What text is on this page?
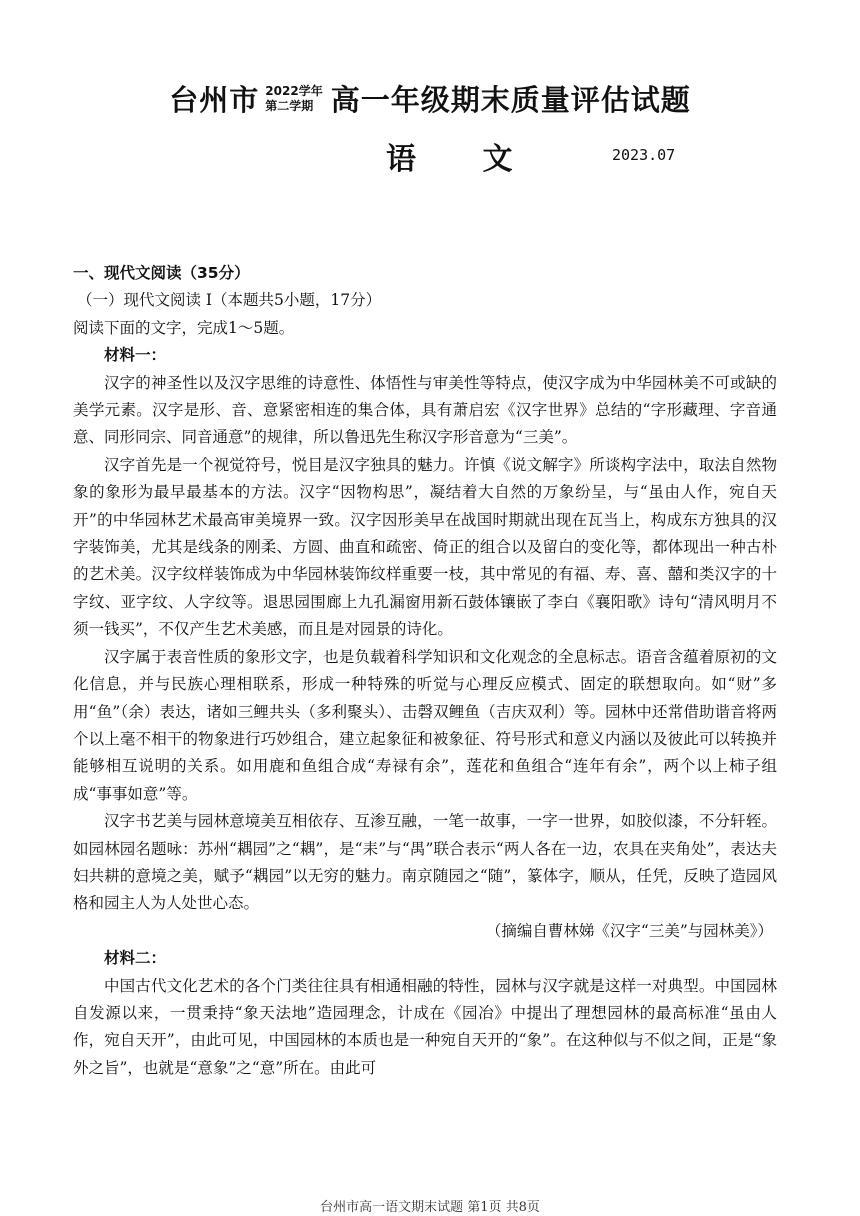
台州市 2022学年
第二学期 高一年级期末质量评估试题
语 文	2023.07
一、现代文阅读（35分）
（一）现代文阅读 I（本题共5小题，17分）
阅读下面的文字，完成1～5题。
材料一：

汉字的神圣性以及汉字思维的诗意性、体悟性与审美性等特点，使汉字成为中华园林美不可或缺的美学元素。汉字是形、音、意紧密相连的集合体，具有萧启宏《汉字世界》总结的“字形藏理、字音通意、同形同宗、同音通意”的规律，所以鲁迅先生称汉字形音意为“三美”。

汉字首先是一个视觉符号，悦目是汉字独具的魅力。许慎《说文解字》所谈构字法中，取法自然物象的象形为最早最基本的方法。汉字“因物构思”，凝结着大自然的万象纷呈，与“虽由人作，宛自天开”的中华园林艺术最高审美境界一致。汉字因形美早在战国时期就出现在瓦当上，构成东方独具的汉字装饰美，尤其是线条的刚柔、方圆、曲直和疏密、倚正的组合以及留白的变化等，都体现出一种古朴的艺术美。汉字纹样装饰成为中华园林装饰纹样重要一枝，其中常见的有福、寿、喜、囍和类汉字的十字纹、亚字纹、人字纹等。退思园围廊上九孔漏窗用新石鼓体镶嵌了李白《襄阳歌》诗句“清风明月不须一钱买”，不仅产生艺术美感，而且是对园景的诗化。

汉字属于表音性质的象形文字，也是负载着科学知识和文化观念的全息标志。语音含蕴着原初的文化信息，并与民族心理相联系，形成一种特殊的听觉与心理反应模式、固定的联想取向。如“财”多用“鱼”（余）表达，诸如三鲤共头（多利聚头）、击磬双鲤鱼（吉庆双利）等。园林中还常借助谐音将两个以上毫不相干的物象进行巧妙组合，建立起象征和被象征、符号形式和意义内涵以及彼此可以转换并能够相互说明的关系。如用鹿和鱼组合成“寿禄有余”，莲花和鱼组合“连年有余”，两个以上柿子组成“事事如意”等。

汉字书艺美与园林意境美互相依存、互渗互融，一笔一故事，一字一世界，如胶似漆，不分轩轾。如园林园名题咏：苏州“耦园”之“耦”，是“耒”与“禺”联合表示“两人各在一边，农具在夹角处”，表达夫妇共耕的意境之美，赋予“耦园”以无穷的魅力。南京随园之“随”，篆体字，顺从，任凭，反映了造园风格和园主人为人处世心态。

（摘编自曹林娣《汉字“三美”与园林美》）
材料二：

中国古代文化艺术的各个门类往往具有相通相融的特性，园林与汉字就是这样一对典型。中国园林自发源以来，一贯秉持“象天法地”造园理念，计成在《园冶》中提出了理想园林的最高标准“虽由人作，宛自天开”，由此可见，中国园林的本质也是一种宛自天开的“象”。在这种似与不似之间，正是“象外之旨”，也就是“意象”之“意”所在。由此可

台州市高一语文期末试题 第1页 共8页
